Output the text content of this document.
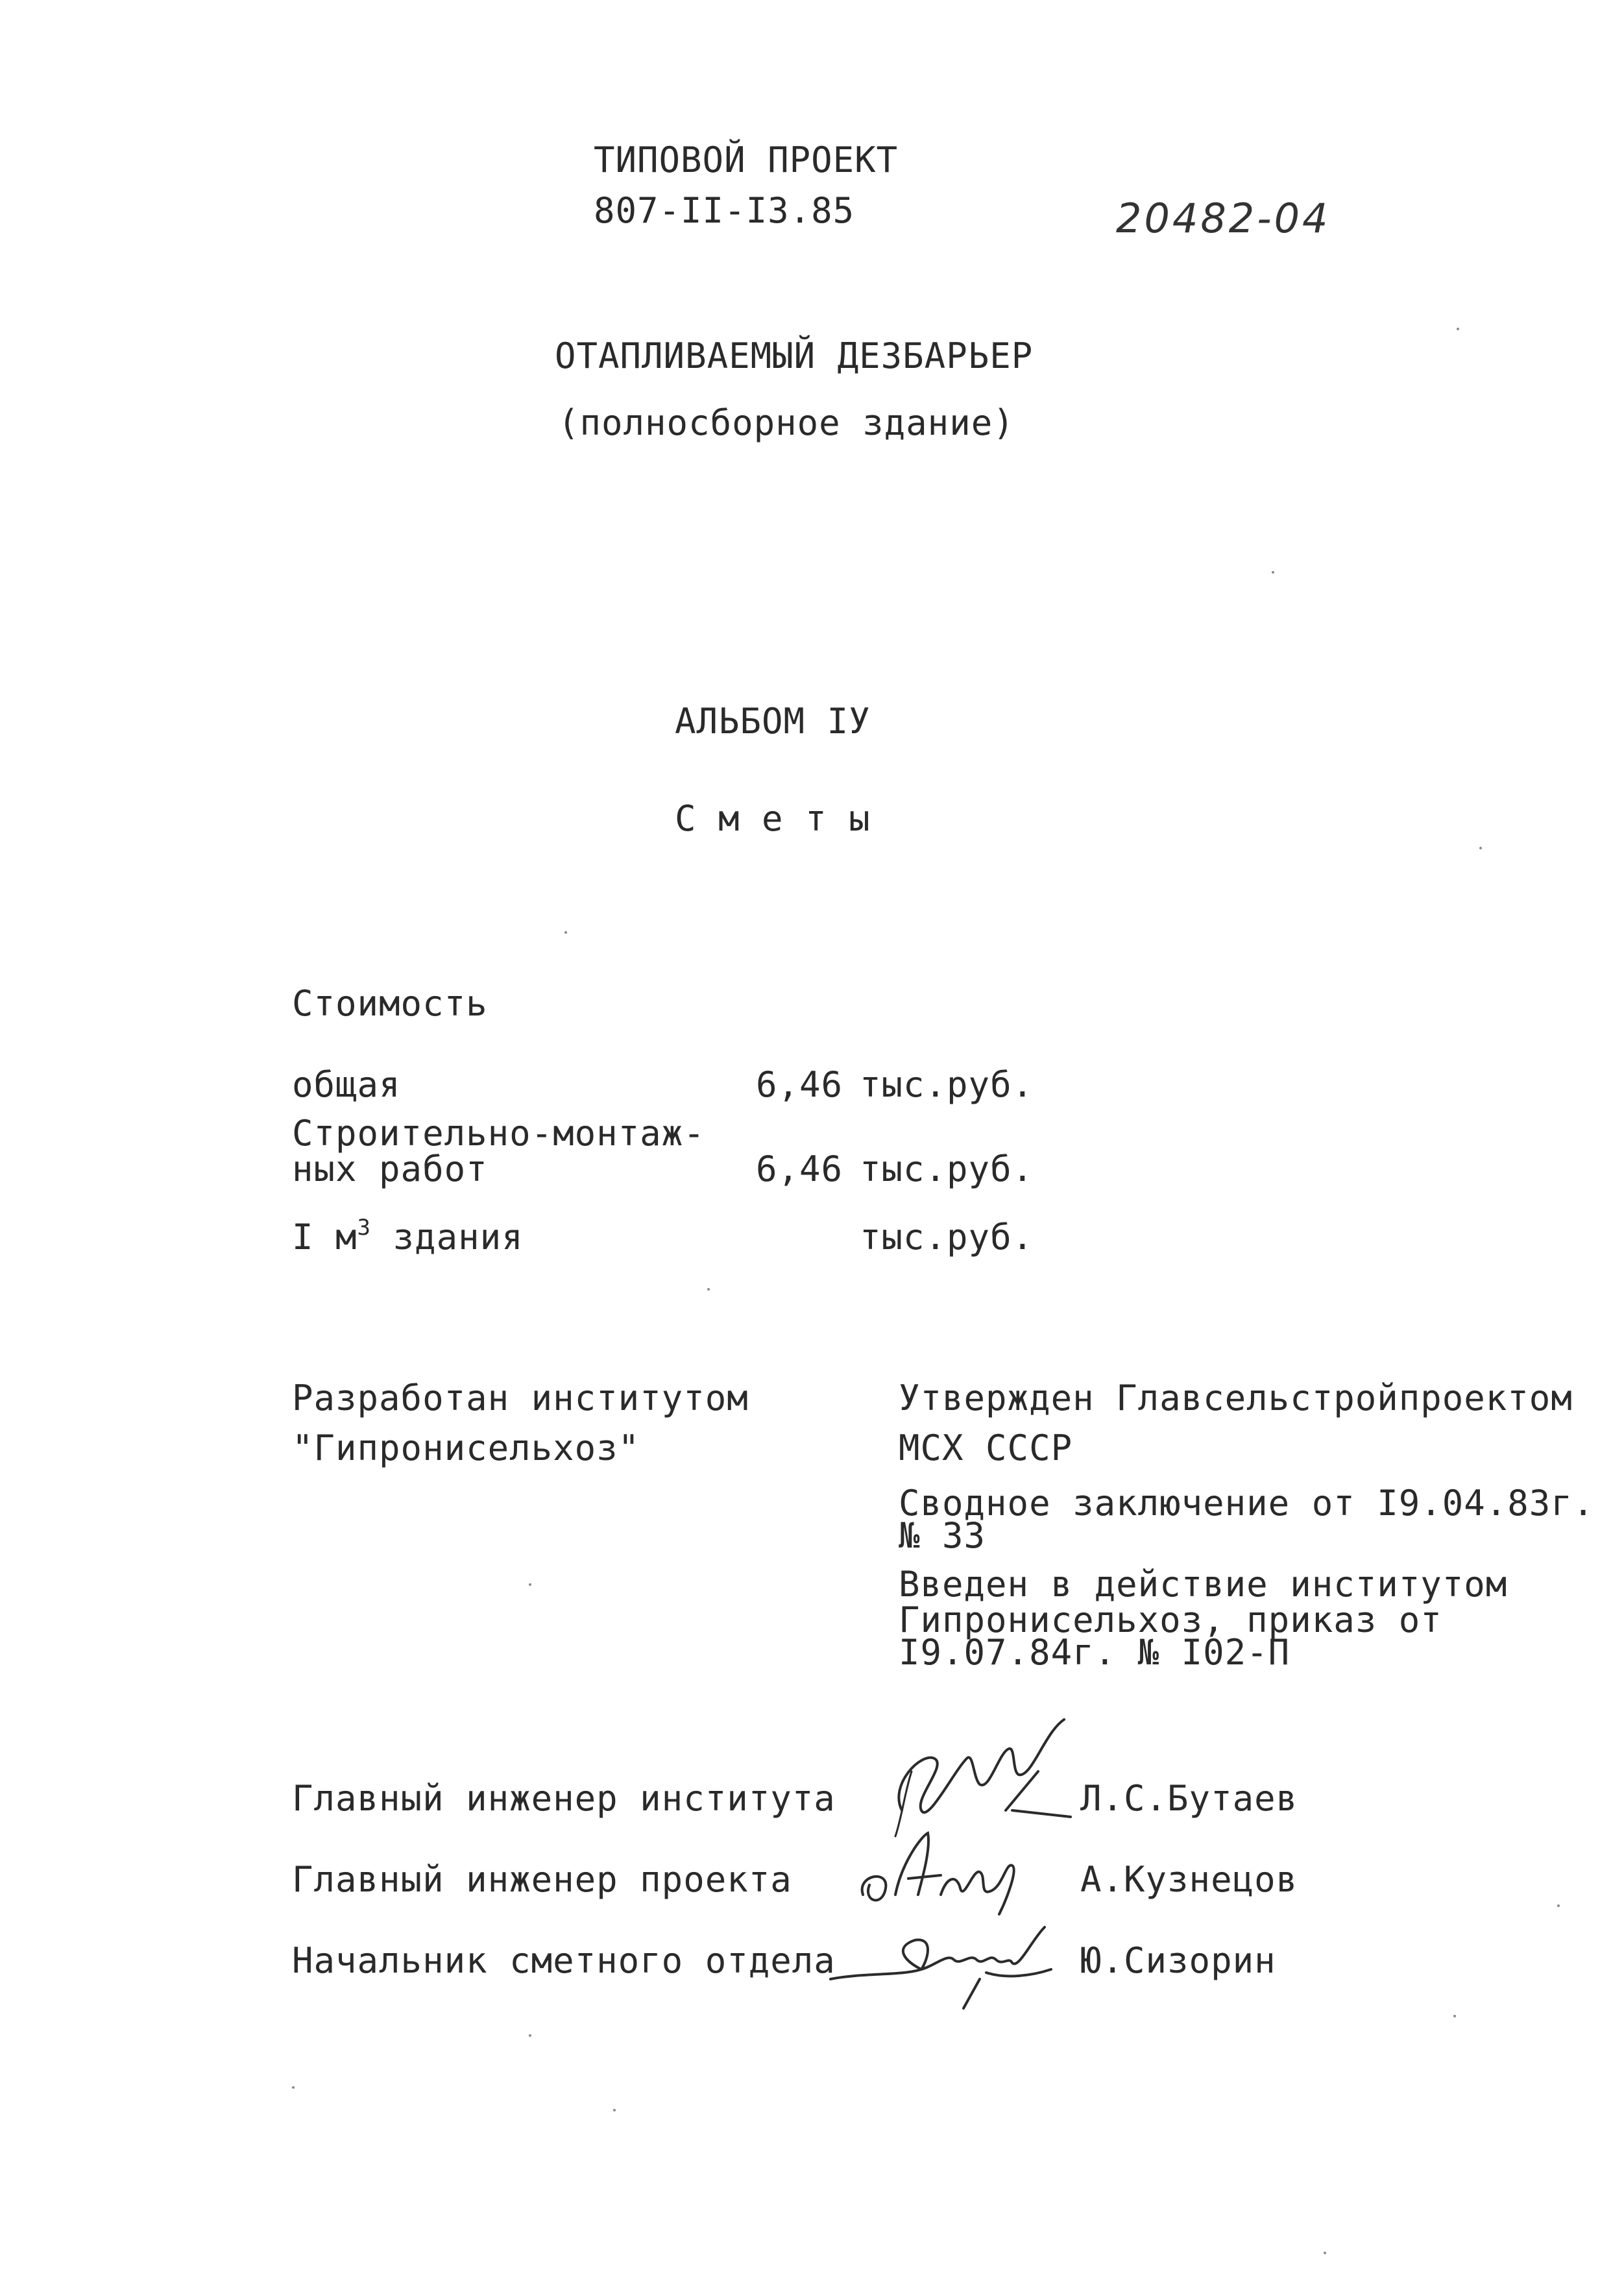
ТИПОВОЙ ПРОЕКТ
807-II-I3.85	20482-04
ОТАПЛИВАЕМЫЙ ДЕЗБАРЬЕР
(полносборное здание)
АЛЬБОМ IУ
С м е т ы
Стоимость
общая	6,46 тыс.руб.
Строительно-монтаж-
ных работ	6,46 тыс.руб.
I $м^3$ здания	тыс.руб.
Разработан институтом
"Гипронисельхоз"
Утвержден Главсельстройпроектом
МСХ СССР
Сводное заключение от I9.04.83г.
№ 33
Введен в действие институтом
Гипронисельхоз, приказ от
I9.07.84г. № I02-П
Главный инженер института	Л.С.Бутаев
Главный инженер проекта	А.Кузнецов
Начальник сметного отдела	Ю.Сизорин
